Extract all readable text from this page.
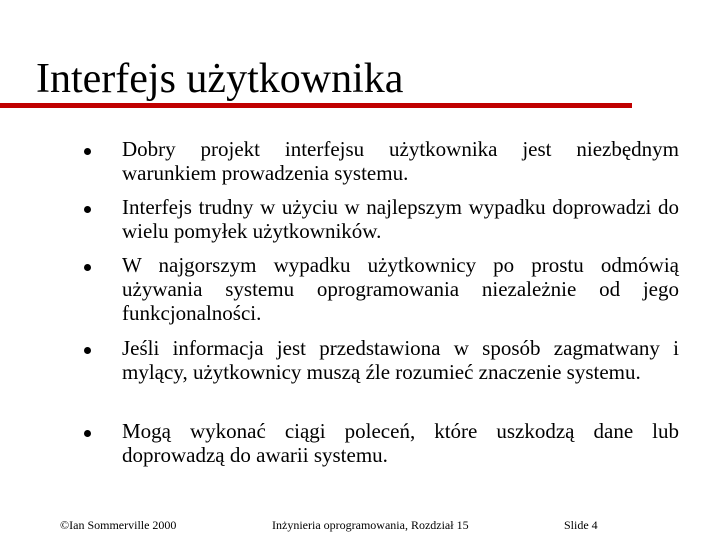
Interfejs użytkownika
Dobry projekt interfejsu użytkownika jest niezbędnym warunkiem prowadzenia systemu.
Interfejs trudny w użyciu w najlepszym wypadku doprowadzi do wielu pomyłek użytkowników.
W najgorszym wypadku użytkownicy po prostu odmówią używania systemu oprogramowania niezależnie od jego funkcjonalności.
Jeśli informacja jest przedstawiona w sposób zagmatwany i mylący, użytkownicy muszą źle rozumieć znaczenie systemu.
Mogą wykonać ciągi poleceń, które uszkodzą dane lub doprowadzą do awarii systemu.
©Ian Sommerville 2000	Inżynieria oprogramowania, Rozdział 15	Slide 4
